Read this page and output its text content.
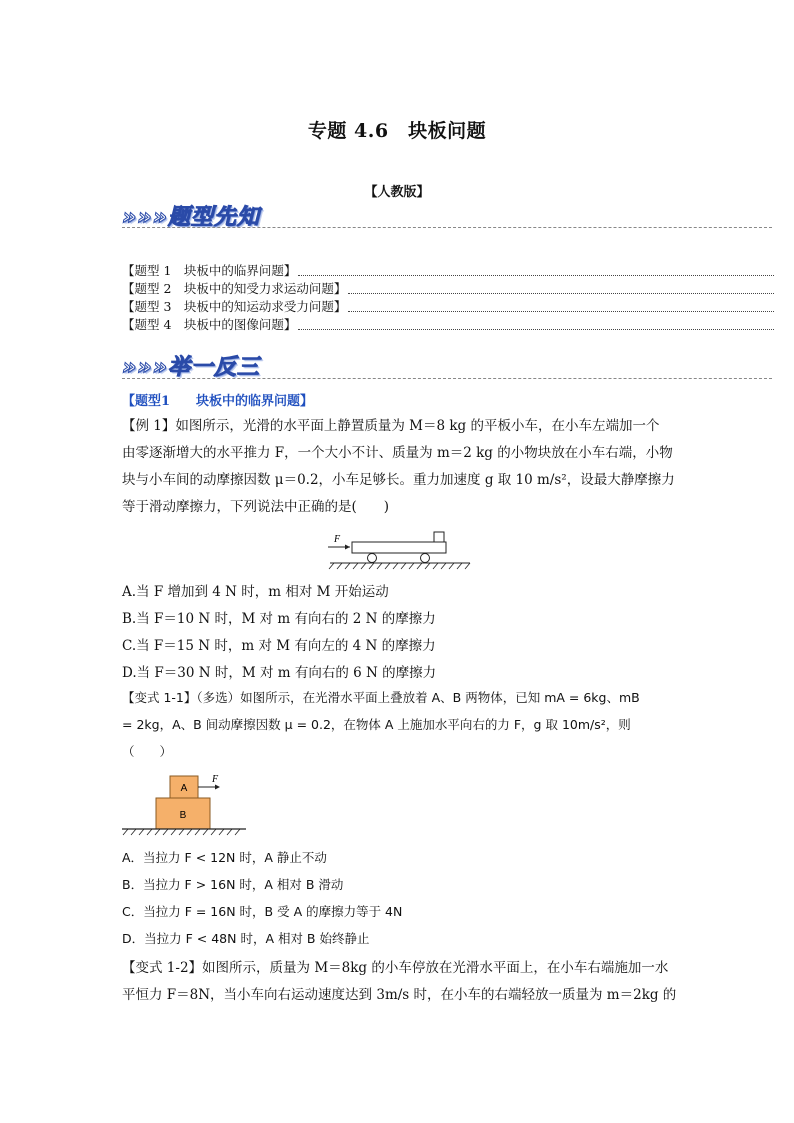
专题 4.6　块板问题
【人教版】
»»»题型先知
【题型 1　块板中的临界问题】
【题型 2　块板中的知受力求运动问题】
【题型 3　块板中的知运动求受力问题】
【题型 4　块板中的图像问题】
»»»举一反三
【题型1　　块板中的临界问题】
【例 1】如图所示，光滑的水平面上静置质量为 M＝8 kg 的平板小车，在小车左端加一个
由零逐渐增大的水平推力 F，一个大小不计、质量为 m＝2 kg 的小物块放在小车右端，小物
块与小车间的动摩擦因数 μ＝0.2，小车足够长。重力加速度 g 取 10 m/s²，设最大静摩擦力
等于滑动摩擦力，下列说法中正确的是(　　)
F
A.当 F 增加到 4 N 时，m 相对 M 开始运动
B.当 F＝10 N 时，M 对 m 有向右的 2 N 的摩擦力
C.当 F＝15 N 时，m 对 M 有向左的 4 N 的摩擦力
D.当 F＝30 N 时，M 对 m 有向右的 6 N 的摩擦力
【变式 1-1】（多选）如图所示，在光滑水平面上叠放着 A、B 两物体，已知 mA = 6kg、mB
= 2kg，A、B 间动摩擦因数 μ = 0.2，在物体 A 上施加水平向右的力 F，g 取 10m/s²，则
（　　）
A
B
F
A．当拉力 F < 12N 时，A 静止不动
B．当拉力 F > 16N 时，A 相对 B 滑动
C．当拉力 F = 16N 时，B 受 A 的摩擦力等于 4N
D．当拉力 F < 48N 时，A 相对 B 始终静止
【变式 1-2】如图所示，质量为 M＝8kg 的小车停放在光滑水平面上，在小车右端施加一水
平恒力 F＝8N，当小车向右运动速度达到 3m/s 时，在小车的右端轻放一质量为 m＝2kg 的
